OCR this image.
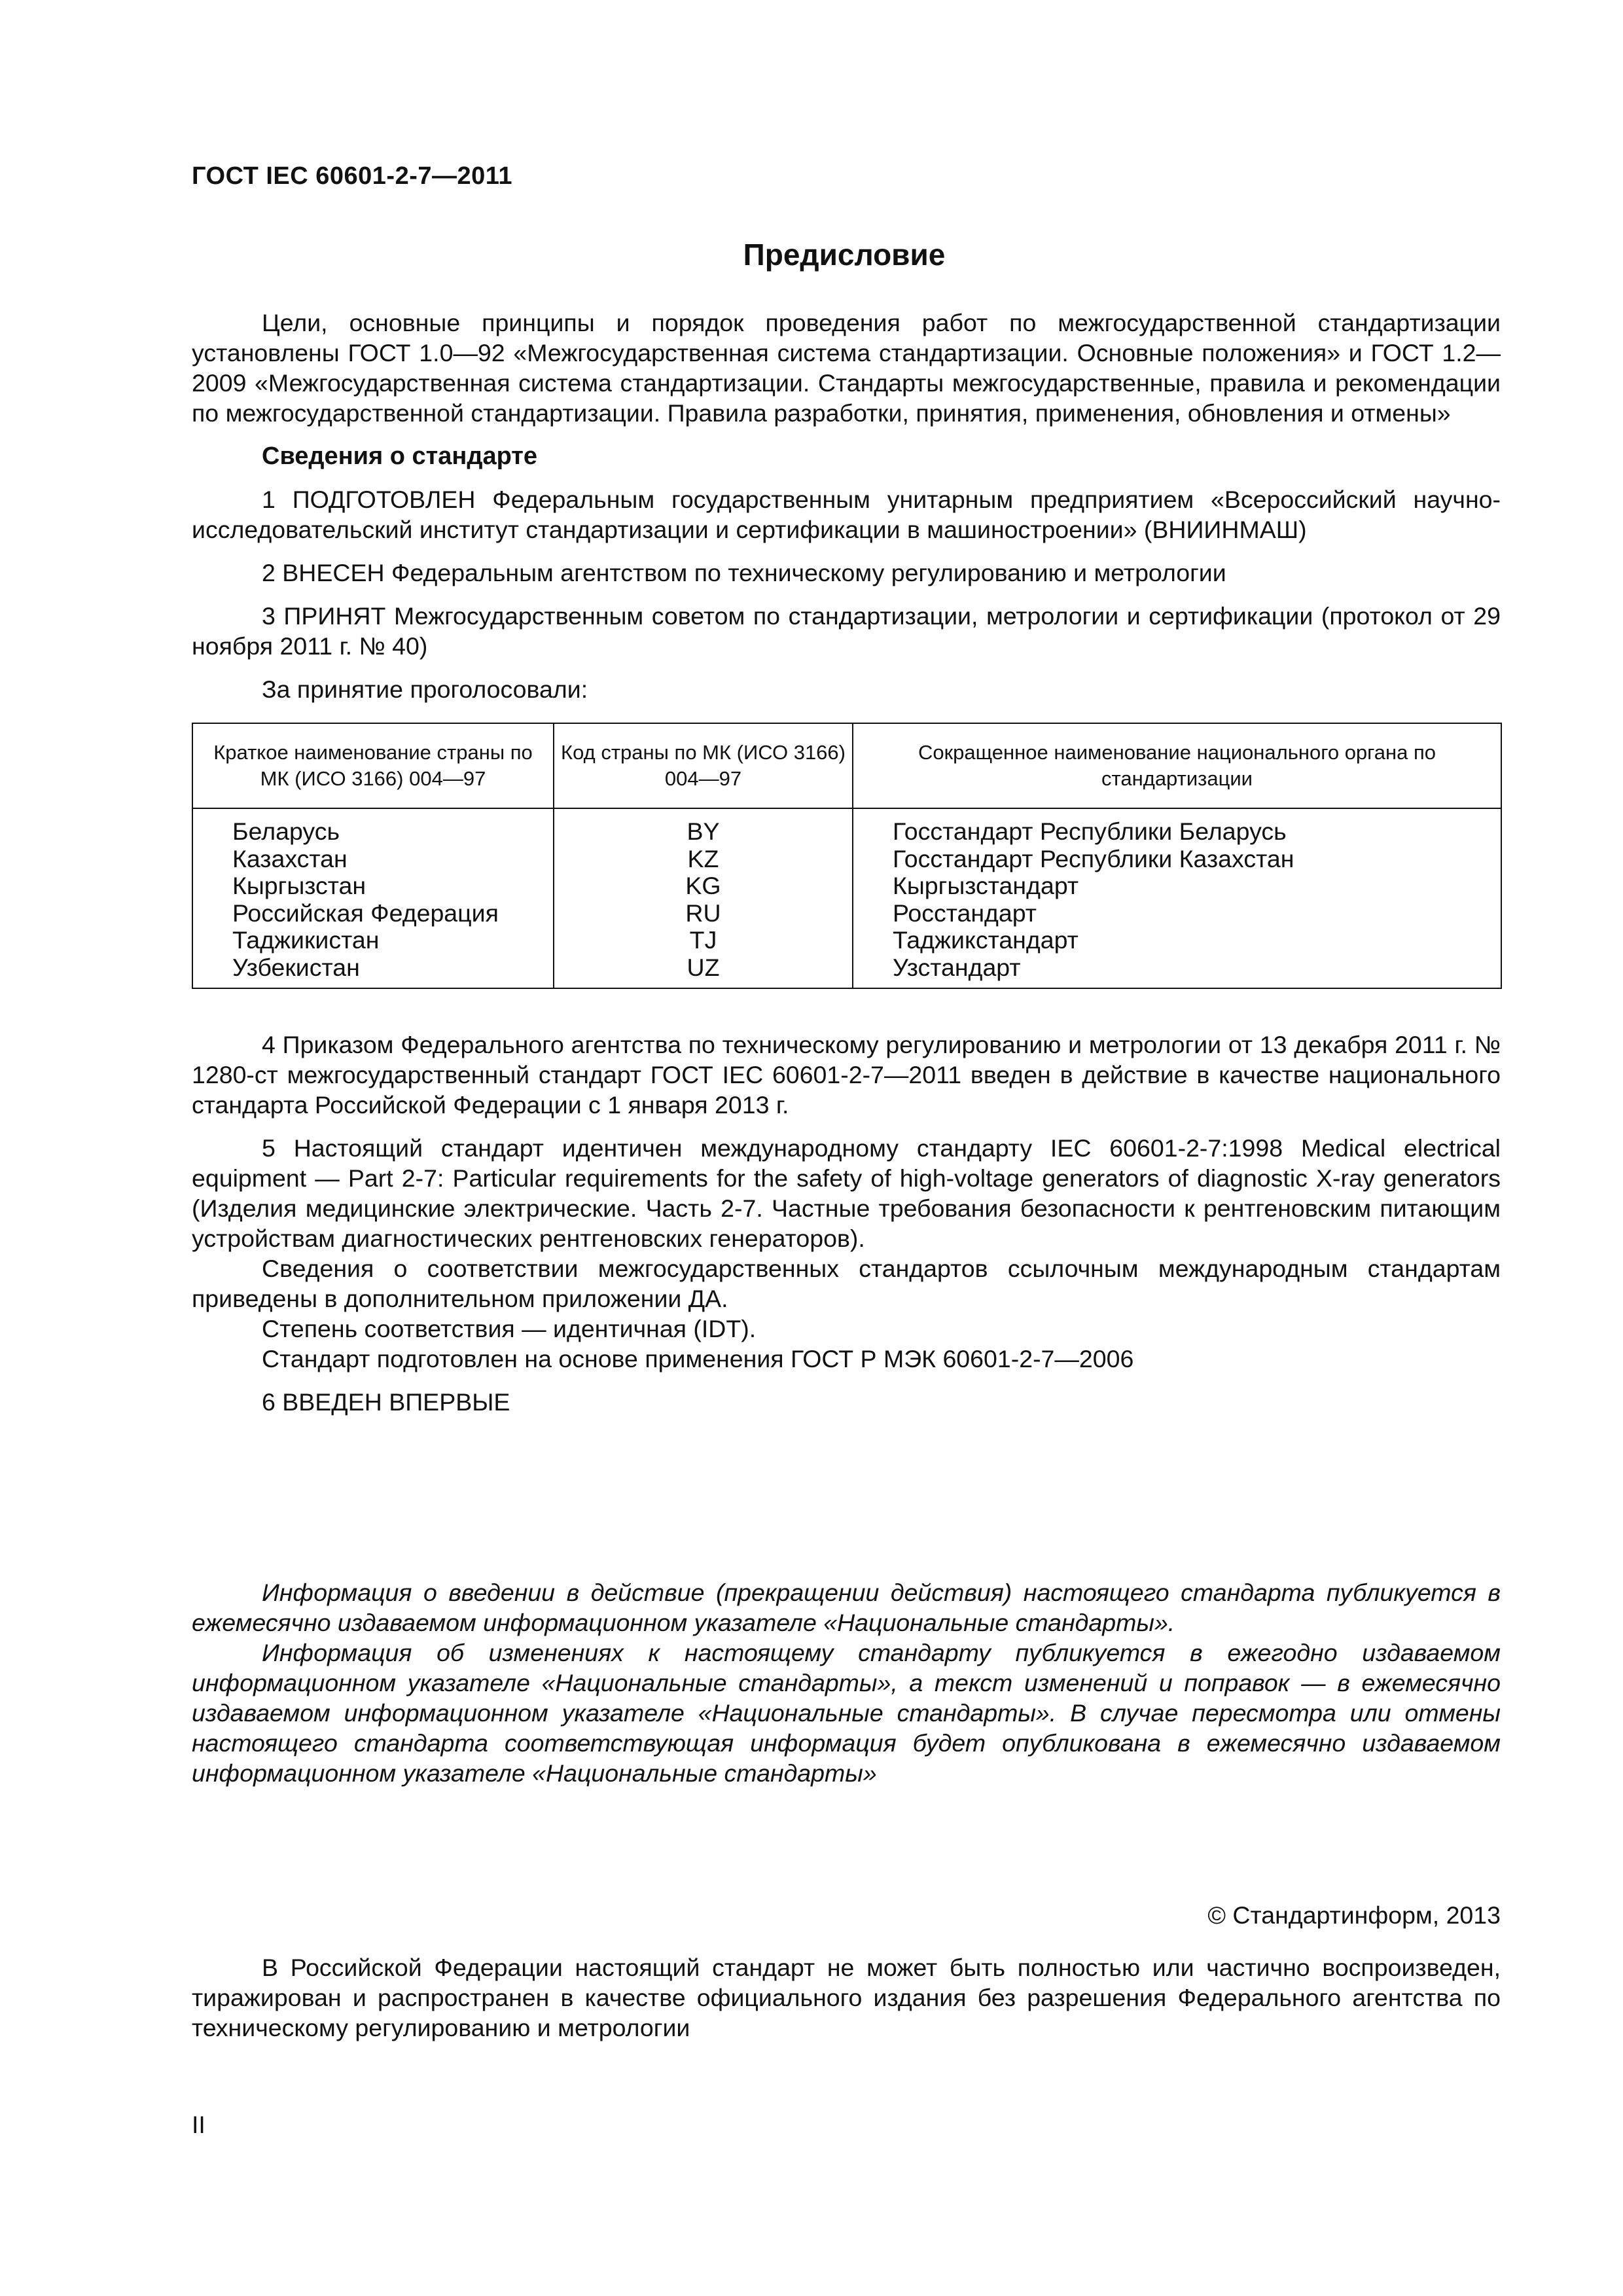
ГОСТ IEC 60601-2-7—2011

Предисловие

Цели, основные принципы и порядок проведения работ по межгосударственной стандартизации установлены ГОСТ 1.0—92 «Межгосударственная система стандартизации. Основные положения» и ГОСТ 1.2—2009 «Межгосударственная система стандартизации. Стандарты межгосударственные, правила и рекомендации по межгосударственной стандартизации. Правила разработки, принятия, применения, обновления и отмены»

Сведения о стандарте

1 ПОДГОТОВЛЕН Федеральным государственным унитарным предприятием «Всероссийский научно-исследовательский институт стандартизации и сертификации в машиностроении» (ВНИИНМАШ)

2 ВНЕСЕН Федеральным агентством по техническому регулированию и метрологии

3 ПРИНЯТ Межгосударственным советом по стандартизации, метрологии и сертификации (протокол от 29 ноября 2011 г. № 40)

За принятие проголосовали:

Краткое наименование страны по МК (ИСО 3166) 004—97	Код страны по МК (ИСО 3166) 004—97	Сокращенное наименование национального органа по стандартизации
Беларусь	BY	Госстандарт Республики Беларусь
Казахстан	KZ	Госстандарт Республики Казахстан
Кыргызстан	KG	Кыргызстандарт
Российская Федерация	RU	Росстандарт
Таджикистан	TJ	Таджикстандарт
Узбекистан	UZ	Узстандарт

4 Приказом Федерального агентства по техническому регулированию и метрологии от 13 декабря 2011 г. № 1280-ст межгосударственный стандарт ГОСТ IEC 60601-2-7—2011 введен в действие в качестве национального стандарта Российской Федерации с 1 января 2013 г.

5 Настоящий стандарт идентичен международному стандарту IEC 60601-2-7:1998 Medical electrical equipment — Part 2-7: Particular requirements for the safety of high-voltage generators of diagnostic X-ray generators (Изделия медицинские электрические. Часть 2-7. Частные требования безопасности к рентгеновским питающим устройствам диагностических рентгеновских генераторов).

Сведения о соответствии межгосударственных стандартов ссылочным международным стандартам приведены в дополнительном приложении ДА.

Степень соответствия — идентичная (IDT).

Стандарт подготовлен на основе применения ГОСТ Р МЭК 60601-2-7—2006

6 ВВЕДЕН ВПЕРВЫЕ

Информация о введении в действие (прекращении действия) настоящего стандарта публикуется в ежемесячно издаваемом информационном указателе «Национальные стандарты».

Информация об изменениях к настоящему стандарту публикуется в ежегодно издаваемом информационном указателе «Национальные стандарты», а текст изменений и поправок — в ежемесячно издаваемом информационном указателе «Национальные стандарты». В случае пересмотра или отмены настоящего стандарта соответствующая информация будет опубликована в ежемесячно издаваемом информационном указателе «Национальные стандарты»

© Стандартинформ, 2013

В Российской Федерации настоящий стандарт не может быть полностью или частично воспроизведен, тиражирован и распространен в качестве официального издания без разрешения Федерального агентства по техническому регулированию и метрологии

II
